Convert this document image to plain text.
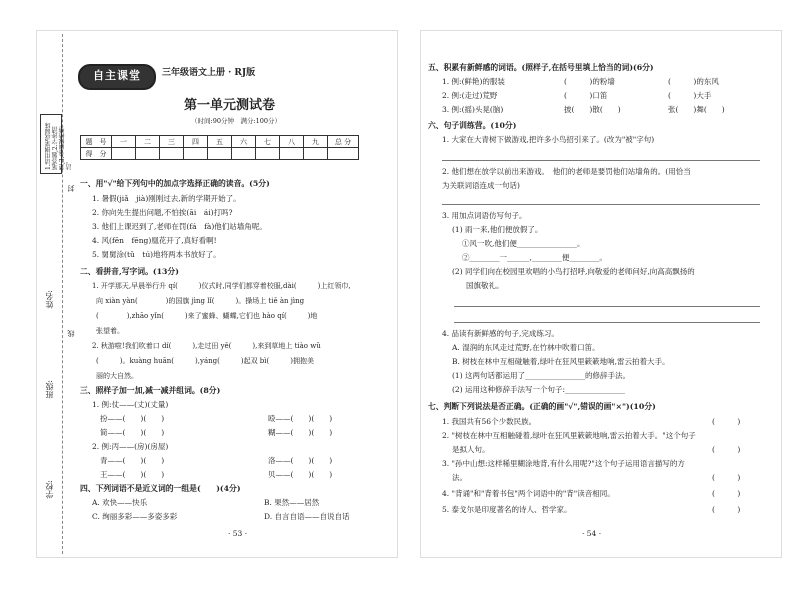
1.请用钢笔或圆珠笔答题,2.字迹清楚,3.卷面保持整洁。
封
线
姓名:
班级:
学校:
自主课堂	三年级语文上册 · RJ版
第一单元测试卷
（时间:90分钟　满分:100分）
题　号	一	二	三	四	五	六	七	八	九	总 分
得　分										
一、用"√"给下列句中的加点字选择正确的读音。(5分)
1. 暑假(jiǎ　jià)刚刚过去,新的学期开始了。
2. 你向先生提出问题,不怕挨(āi　ái)打吗?
3. 他们上课迟到了,老师在罚(fá　fà)他们站墙角呢。
4. 风(fēn　fēng)凰花开了,真好看啊!
5. 舅舅涂(tǔ　tú)地将两本书放好了。
二、看拼音,写字词。(13分)
1. 开学那天,早晨举行升 qí(　　　)仪式时,同学们都穿着校服,dài(　　　)上红领巾,
向 xiàn yàn(　　　　)的国旗 jìng lǐ(　　　)。操场上 tiě àn jìng
(　　　　),zhāo yǐn(　　　)来了蜜蜂、蝴蝶,它们也 hào qí(　　　)地
张望着。
2. 秋游啦!我们吹着口 dí(　　　),走过田 yě(　　　),来到草地上 tiào wǔ
(　　　)。kuàng huān(　　　),yáng(　　　)起双 bì(　　　)拥抱美
丽的大自然。
三、照样子加一加,减一减并组词。(8分)
1. 例:仗——(丈)(丈量)
扮——(　　)(　　)	殴——(　　)(　　)
简——(　　)(　　)	糊——(　　)(　　)
2. 例:丙——(房)(房屋)
青——(　　)(　　)	洛——(　　)(　　)
王——(　　)(　　)	贝——(　　)(　　)
四、下列词语不是近义词的一组是(　　)(4分)
A. 欢快——快乐	B. 果然——居然
C. 绚丽多彩——多姿多彩	D. 自言自语——自说自话
· 53 ·
五、积累有新鲜感的词语。(照样子,在括号里填上恰当的词)(6分)
1. 例:(鲜艳)的服装	(　　　)的粉墙	(　　　)的东风
2. 例:(走过)荒野	(　　　)口笛	(　　　)大手
3. 例:(摇)头晃(脑)	披(　　)散(　　)	张(　　)舞(　　)
六、句子训练营。(10分)
1. 大家在大青树下做游戏,把许多小鸟招引来了。(改为"被"字句)
2. 他们想在放学以前出来游戏。　他们的老师是要罚他们站墙角的。(用恰当
为关联词语连成一句话)
3. 用加点词语仿写句子。
(1) 雨一来,他们便放假了。
①风一吹,他们便________________。
②________一______,________便________。
(2) 同学们向在校园里欢唱的小鸟打招呼,向敬爱的老师问好,向高高飘扬的
国旗敬礼。
4. 品读有新鲜感的句子,完成练习。
A. 湿润的东风走过荒野,在竹林中吹着口笛。
B. 树枝在林中互相碰触着,绿叶在狂风里簌簌地响,雷云拍着大手。
(1) 这两句话都运用了________________的修辞手法。
(2) 运用这种修辞手法写一个句子:________________
七、判断下列说法是否正确。(正确的画"√",错误的画"×")(10分)
1. 我国共有56个少数民族。	(　　　)
2. "树枝在林中互相触碰着,绿叶在狂风里簌簌地响,雷云拍着大手。"这个句子
是拟人句。	(　　　)
3. "孙中山想:这样稀里糊涂地背,有什么用呢?"这个句子运用语言描写的方
法。	(　　　)
4. "背诵"和"背着书包"两个词语中的"背"读音相同。	(　　　)
5. 泰戈尔是印度著名的诗人、哲学家。	(　　　)
· 54 ·
